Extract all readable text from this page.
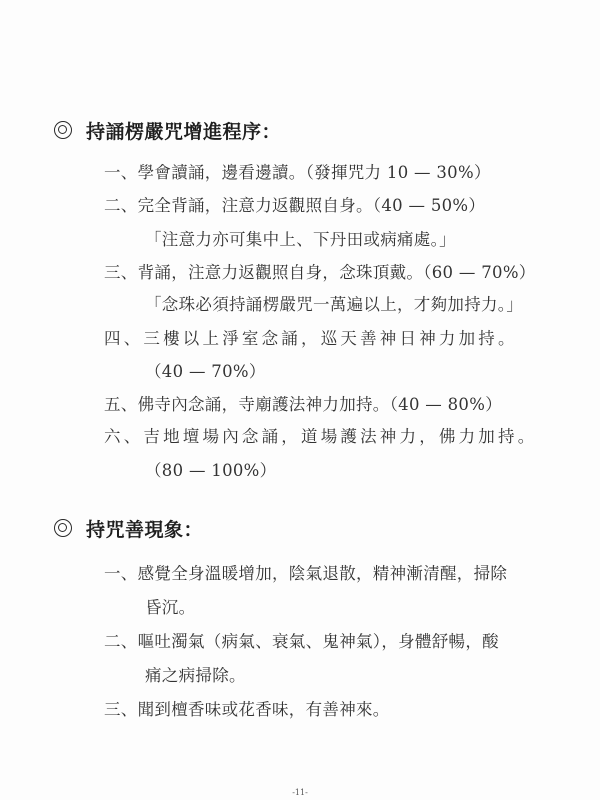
持誦楞嚴咒增進程序：
一、學會讀誦，邊看邊讀。（發揮咒力 10 — 30%）
二、完全背誦，注意力返觀照自身。（40 — 50%）
「注意力亦可集中上、下丹田或病痛處。」
三、背誦，注意力返觀照自身，念珠頂戴。（60 — 70%）
「念珠必須持誦楞嚴咒一萬遍以上，才夠加持力。」
四、三樓以上淨室念誦，巡天善神日神力加持。
（40 — 70%）
五、佛寺內念誦，寺廟護法神力加持。（40 — 80%）
六、吉地壇場內念誦，道場護法神力，佛力加持。
（80 — 100%）
持咒善現象：
一、感覺全身溫暖增加，陰氣退散，精神漸清醒，掃除
昏沉。
二、嘔吐濁氣（病氣、衰氣、鬼神氣），身體舒暢，酸
痛之病掃除。
三、聞到檀香味或花香味，有善神來。
-11-
